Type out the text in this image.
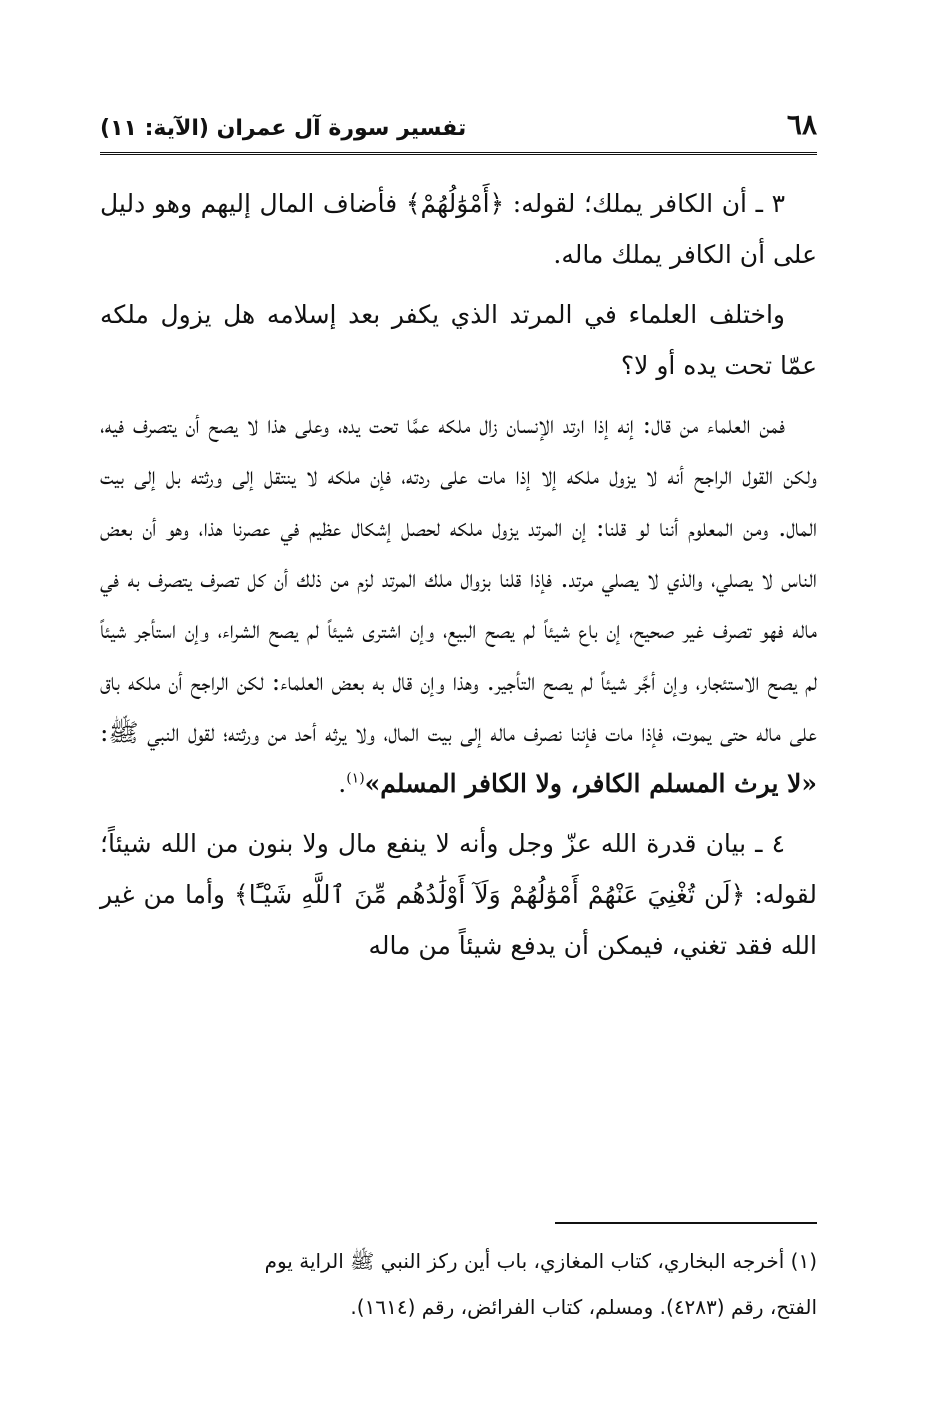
٦٨
تفسير سورة آل عمران (الآية: ١١)

٣ ـ أن الكافر يملك؛ لقوله: ﴿أَمْوَٰلُهُمْ﴾ فأضاف المال إليهم وهو دليل على أن الكافر يملك ماله.

واختلف العلماء في المرتد الذي يكفر بعد إسلامه هل يزول ملكه عمّا تحت يده أو لا؟

فمن العلماء من قال: إنه إذا ارتد الإنسان زال ملكه عمَّا تحت يده، وعلى هذا لا يصح أن يتصرف فيه، ولكن القول الراجح أنه لا يزول ملكه إلا إذا مات على ردته، فإن ملكه لا ينتقل إلى ورثته بل إلى بيت المال. ومن المعلوم أننا لو قلنا: إن المرتد يزول ملكه لحصل إشكال عظيم في عصرنا هذا، وهو أن بعض الناس لا يصلي، والذي لا يصلي مرتد. فإذا قلنا بزوال ملك المرتد لزم من ذلك أن كل تصرف يتصرف به في ماله فهو تصرف غير صحيح، إن باع شيئاً لم يصح البيع، وإن اشترى شيئاً لم يصح الشراء، وإن استأجر شيئاً لم يصح الاستئجار، وإن أجَّر شيئاً لم يصح التأجير. وهذا وإن قال به بعض العلماء: لكن الراجح أن ملكه باق على ماله حتى يموت، فإذا مات فإننا نصرف ماله إلى بيت المال، ولا يرثه أحد من ورثته؛ لقول النبي ﷺ: «لا يرث المسلم الكافر، ولا الكافر المسلم»$^{(١)}$.

٤ ـ بيان قدرة الله عزّ وجل وأنه لا ينفع مال ولا بنون من الله شيئاً؛ لقوله: ﴿لَن تُغْنِيَ عَنْهُمْ أَمْوَٰلُهُمْ وَلَآ أَوْلَٰدُهُم مِّنَ ٱللَّهِ شَيْـًٔا﴾ وأما من غير الله فقد تغني، فيمكن أن يدفع شيئاً من ماله

(١) أخرجه البخاري، كتاب المغازي، باب أين ركز النبي ﷺ الراية يوم

الفتح، رقم (٤٢٨٣). ومسلم، كتاب الفرائض، رقم (١٦١٤).
